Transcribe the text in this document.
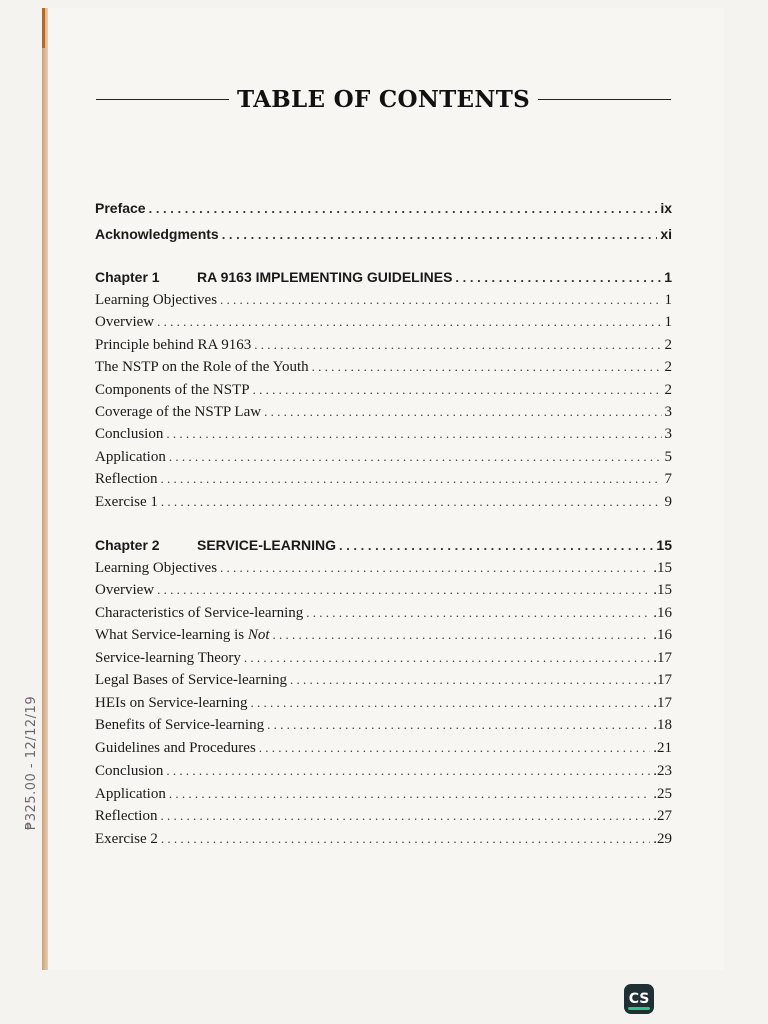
₱325.00 - 12/12/19
TABLE OF CONTENTS
Preface . . .	ix
Acknowledgments . . .	xi
Chapter 1	RA 9163 IMPLEMENTING GUIDELINES . . .	1
Learning Objectives . . .	1
Overview . . .	1
Principle behind RA 9163 . . .	2
The NSTP on the Role of the Youth . . .	2
Components of the NSTP . . .	2
Coverage of the NSTP Law . . .	3
Conclusion . . .	3
Application . . .	5
Reflection . . .	7
Exercise 1 . . .	9
Chapter 2	SERVICE-LEARNING . . .	15
Learning Objectives . . .	.15
Overview . . .	.15
Characteristics of Service-learning . . .	.16
What Service-learning is Not . . .	.16
Service-learning Theory . . .	.17
Legal Bases of Service-learning . . .	.17
HEIs on Service-learning . . .	.17
Benefits of Service-learning . . .	.18
Guidelines and Procedures . . .	.21
Conclusion . . .	.23
Application . . .	.25
Reflection . . .	.27
Exercise 2 . . .	.29
CS
